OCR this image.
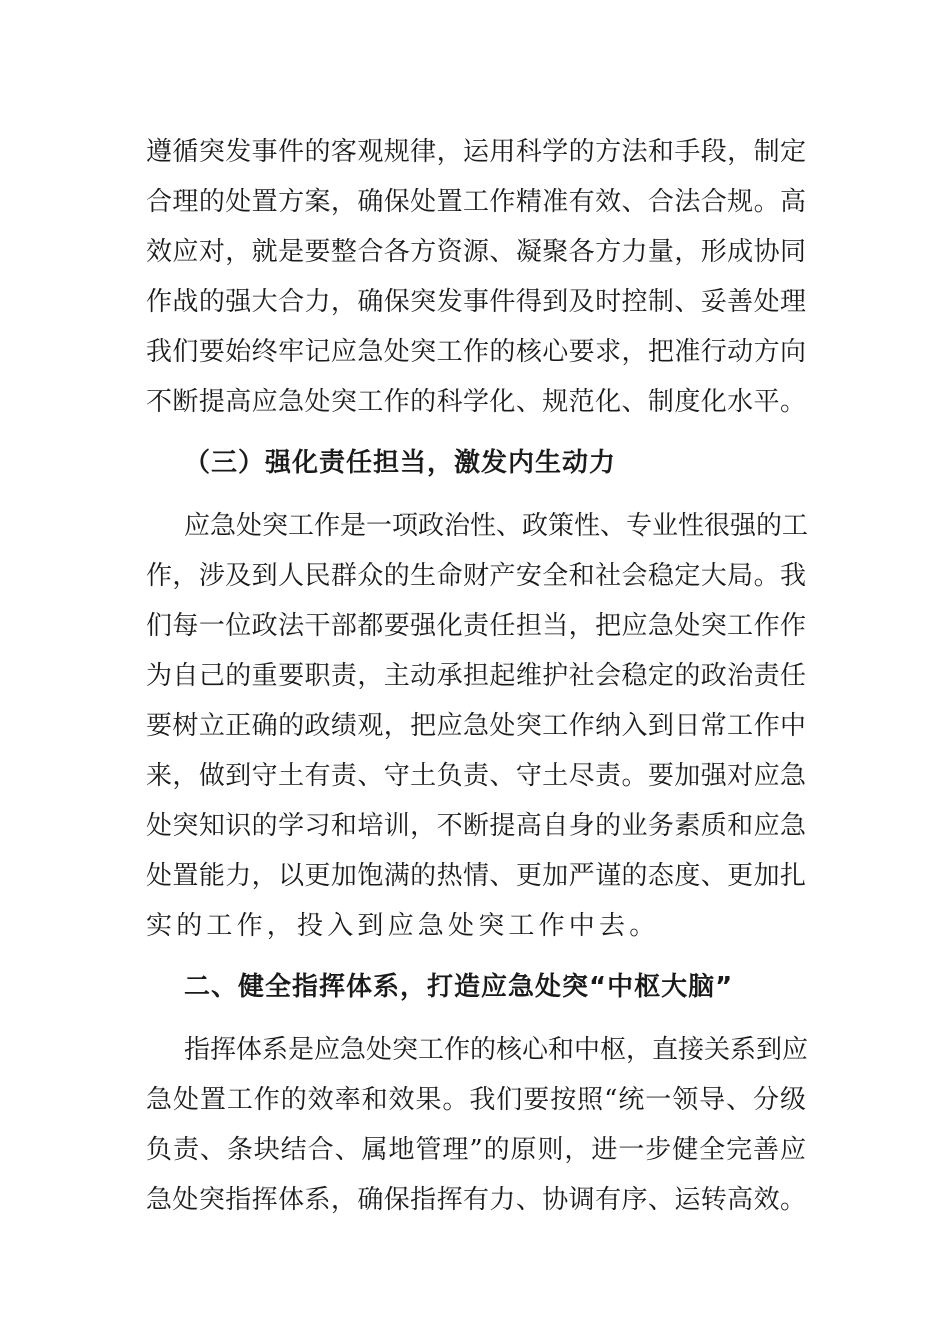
遵循突发事件的客观规律，运用科学的方法和手段，制定
合理的处置方案，确保处置工作精准有效、合法合规。高
效应对，就是要整合各方资源、凝聚各方力量，形成协同
作战的强大合力，确保突发事件得到及时控制、妥善处理
我们要始终牢记应急处突工作的核心要求，把准行动方向
不断提高应急处突工作的科学化、规范化、制度化水平。
（三）强化责任担当，激发内生动力
应急处突工作是一项政治性、政策性、专业性很强的工
作，涉及到人民群众的生命财产安全和社会稳定大局。我
们每一位政法干部都要强化责任担当，把应急处突工作作
为自己的重要职责，主动承担起维护社会稳定的政治责任
要树立正确的政绩观，把应急处突工作纳入到日常工作中
来，做到守土有责、守土负责、守土尽责。要加强对应急
处突知识的学习和培训，不断提高自身的业务素质和应急
处置能力，以更加饱满的热情、更加严谨的态度、更加扎
实的工作，投入到应急处突工作中去。
二、健全指挥体系，打造应急处突“中枢大脑”
指挥体系是应急处突工作的核心和中枢，直接关系到应
急处置工作的效率和效果。我们要按照“统一领导、分级
负责、条块结合、属地管理”的原则，进一步健全完善应
急处突指挥体系，确保指挥有力、协调有序、运转高效。
